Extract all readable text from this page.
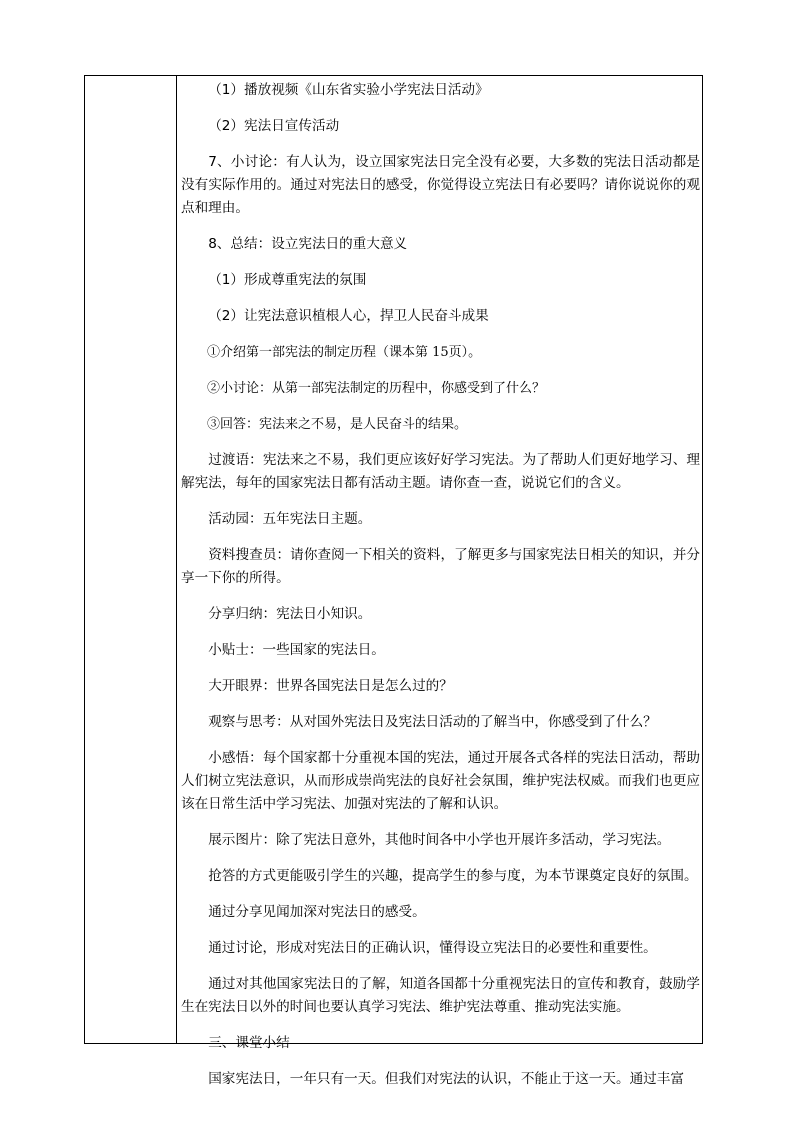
（1）播放视频《山东省实验小学宪法日活动》

（2）宪法日宣传活动

7、小讨论：有人认为，设立国家宪法日完全没有必要，大多数的宪法日活动都是没有实际作用的。通过对宪法日的感受，你觉得设立宪法日有必要吗？请你说说你的观点和理由。

8、总结：设立宪法日的重大意义

（1）形成尊重宪法的氛围

（2）让宪法意识植根人心，捍卫人民奋斗成果

①介绍第一部宪法的制定历程（课本第 15页）。

②小讨论：从第一部宪法制定的历程中，你感受到了什么？

③回答：宪法来之不易，是人民奋斗的结果。

过渡语：宪法来之不易，我们更应该好好学习宪法。为了帮助人们更好地学习、理解宪法，每年的国家宪法日都有活动主题。请你查一查，说说它们的含义。

活动园：五年宪法日主题。

资料搜查员：请你查阅一下相关的资料，了解更多与国家宪法日相关的知识，并分享一下你的所得。

分享归纳：宪法日小知识。

小贴士：一些国家的宪法日。

大开眼界：世界各国宪法日是怎么过的？

观察与思考：从对国外宪法日及宪法日活动的了解当中，你感受到了什么？

小感悟：每个国家都十分重视本国的宪法，通过开展各式各样的宪法日活动，帮助人们树立宪法意识，从而形成崇尚宪法的良好社会氛围，维护宪法权威。而我们也更应该在日常生活中学习宪法、加强对宪法的了解和认识。

展示图片：除了宪法日意外，其他时间各中小学也开展许多活动，学习宪法。

抢答的方式更能吸引学生的兴趣，提高学生的参与度，为本节课奠定良好的氛围。

通过分享见闻加深对宪法日的感受。

通过讨论，形成对宪法日的正确认识，懂得设立宪法日的必要性和重要性。

通过对其他国家宪法日的了解，知道各国都十分重视宪法日的宣传和教育，鼓励学生在宪法日以外的时间也要认真学习宪法、维护宪法尊重、推动宪法实施。

三、课堂小结

国家宪法日，一年只有一天。但我们对宪法的认识，不能止于这一天。通过丰富
